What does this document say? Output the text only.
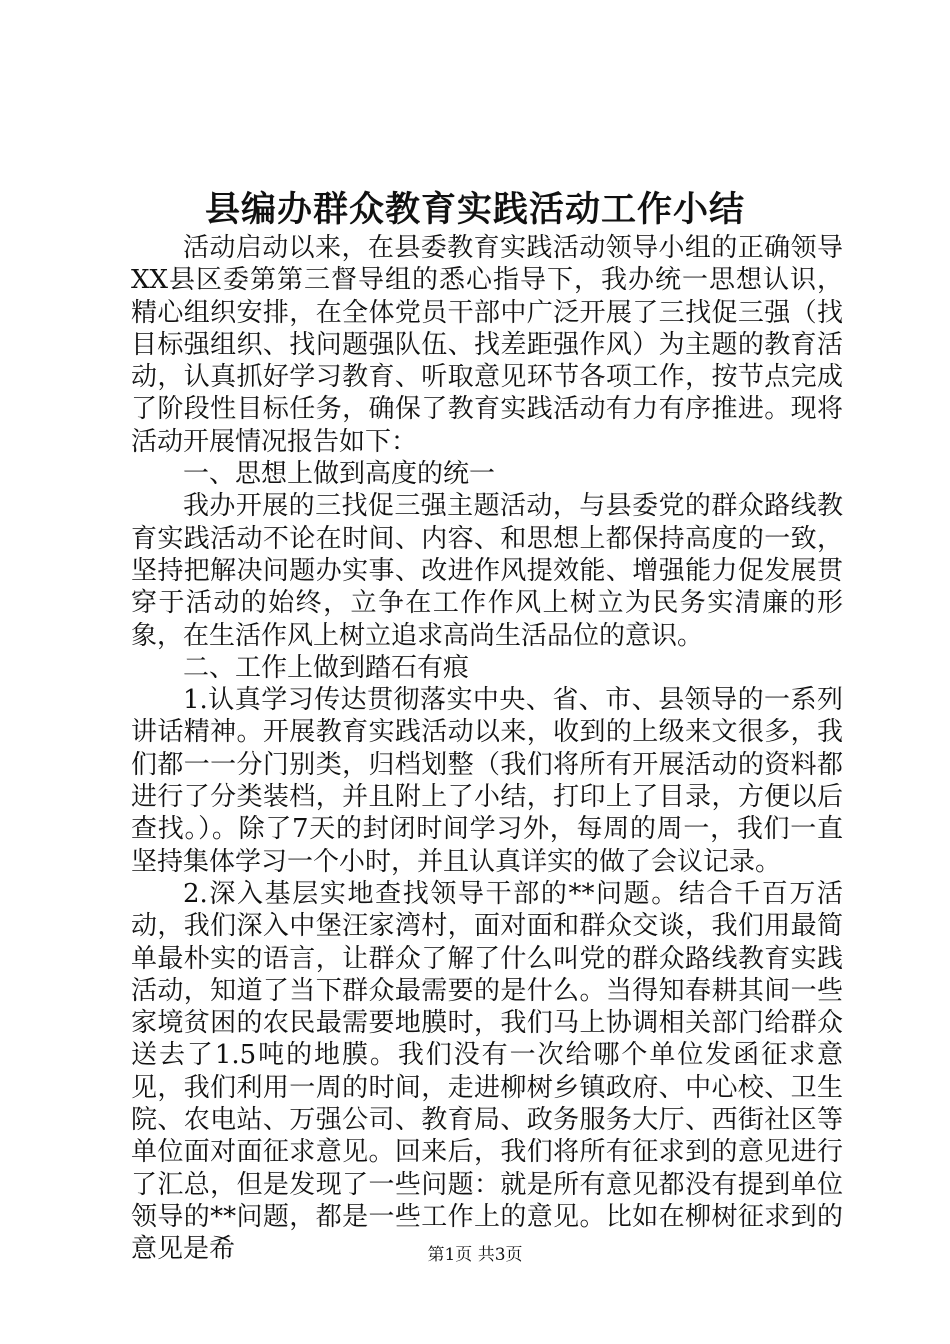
县编办群众教育实践活动工作小结

活动启动以来，在县委教育实践活动领导小组的正确领导XX县区委第第三督导组的悉心指导下，我办统一思想认识，精心组织安排，在全体党员干部中广泛开展了三找促三强（找目标强组织、找问题强队伍、找差距强作风）为主题的教育活动，认真抓好学习教育、听取意见环节各项工作，按节点完成了阶段性目标任务，确保了教育实践活动有力有序推进。现将活动开展情况报告如下：

一、思想上做到高度的统一

我办开展的三找促三强主题活动，与县委党的群众路线教育实践活动不论在时间、内容、和思想上都保持高度的一致，坚持把解决问题办实事、改进作风提效能、增强能力促发展贯穿于活动的始终，立争在工作作风上树立为民务实清廉的形象，在生活作风上树立追求高尚生活品位的意识。

二、工作上做到踏石有痕

1.认真学习传达贯彻落实中央、省、市、县领导的一系列讲话精神。开展教育实践活动以来，收到的上级来文很多，我们都一一分门别类，归档划整（我们将所有开展活动的资料都进行了分类装档，并且附上了小结，打印上了目录，方便以后查找。）。除了7天的封闭时间学习外，每周的周一，我们一直坚持集体学习一个小时，并且认真详实的做了会议记录。

2.深入基层实地查找领导干部的**问题。结合千百万活动，我们深入中堡汪家湾村，面对面和群众交谈，我们用最简单最朴实的语言，让群众了解了什么叫党的群众路线教育实践活动，知道了当下群众最需要的是什么。当得知春耕其间一些家境贫困的农民最需要地膜时，我们马上协调相关部门给群众送去了1.5吨的地膜。我们没有一次给哪个单位发函征求意见，我们利用一周的时间，走进柳树乡镇政府、中心校、卫生院、农电站、万强公司、教育局、政务服务大厅、西街社区等单位面对面征求意见。回来后，我们将所有征求到的意见进行了汇总，但是发现了一些问题：就是所有意见都没有提到单位领导的**问题，都是一些工作上的意见。比如在柳树征求到的意见是希	第1页 共3页
